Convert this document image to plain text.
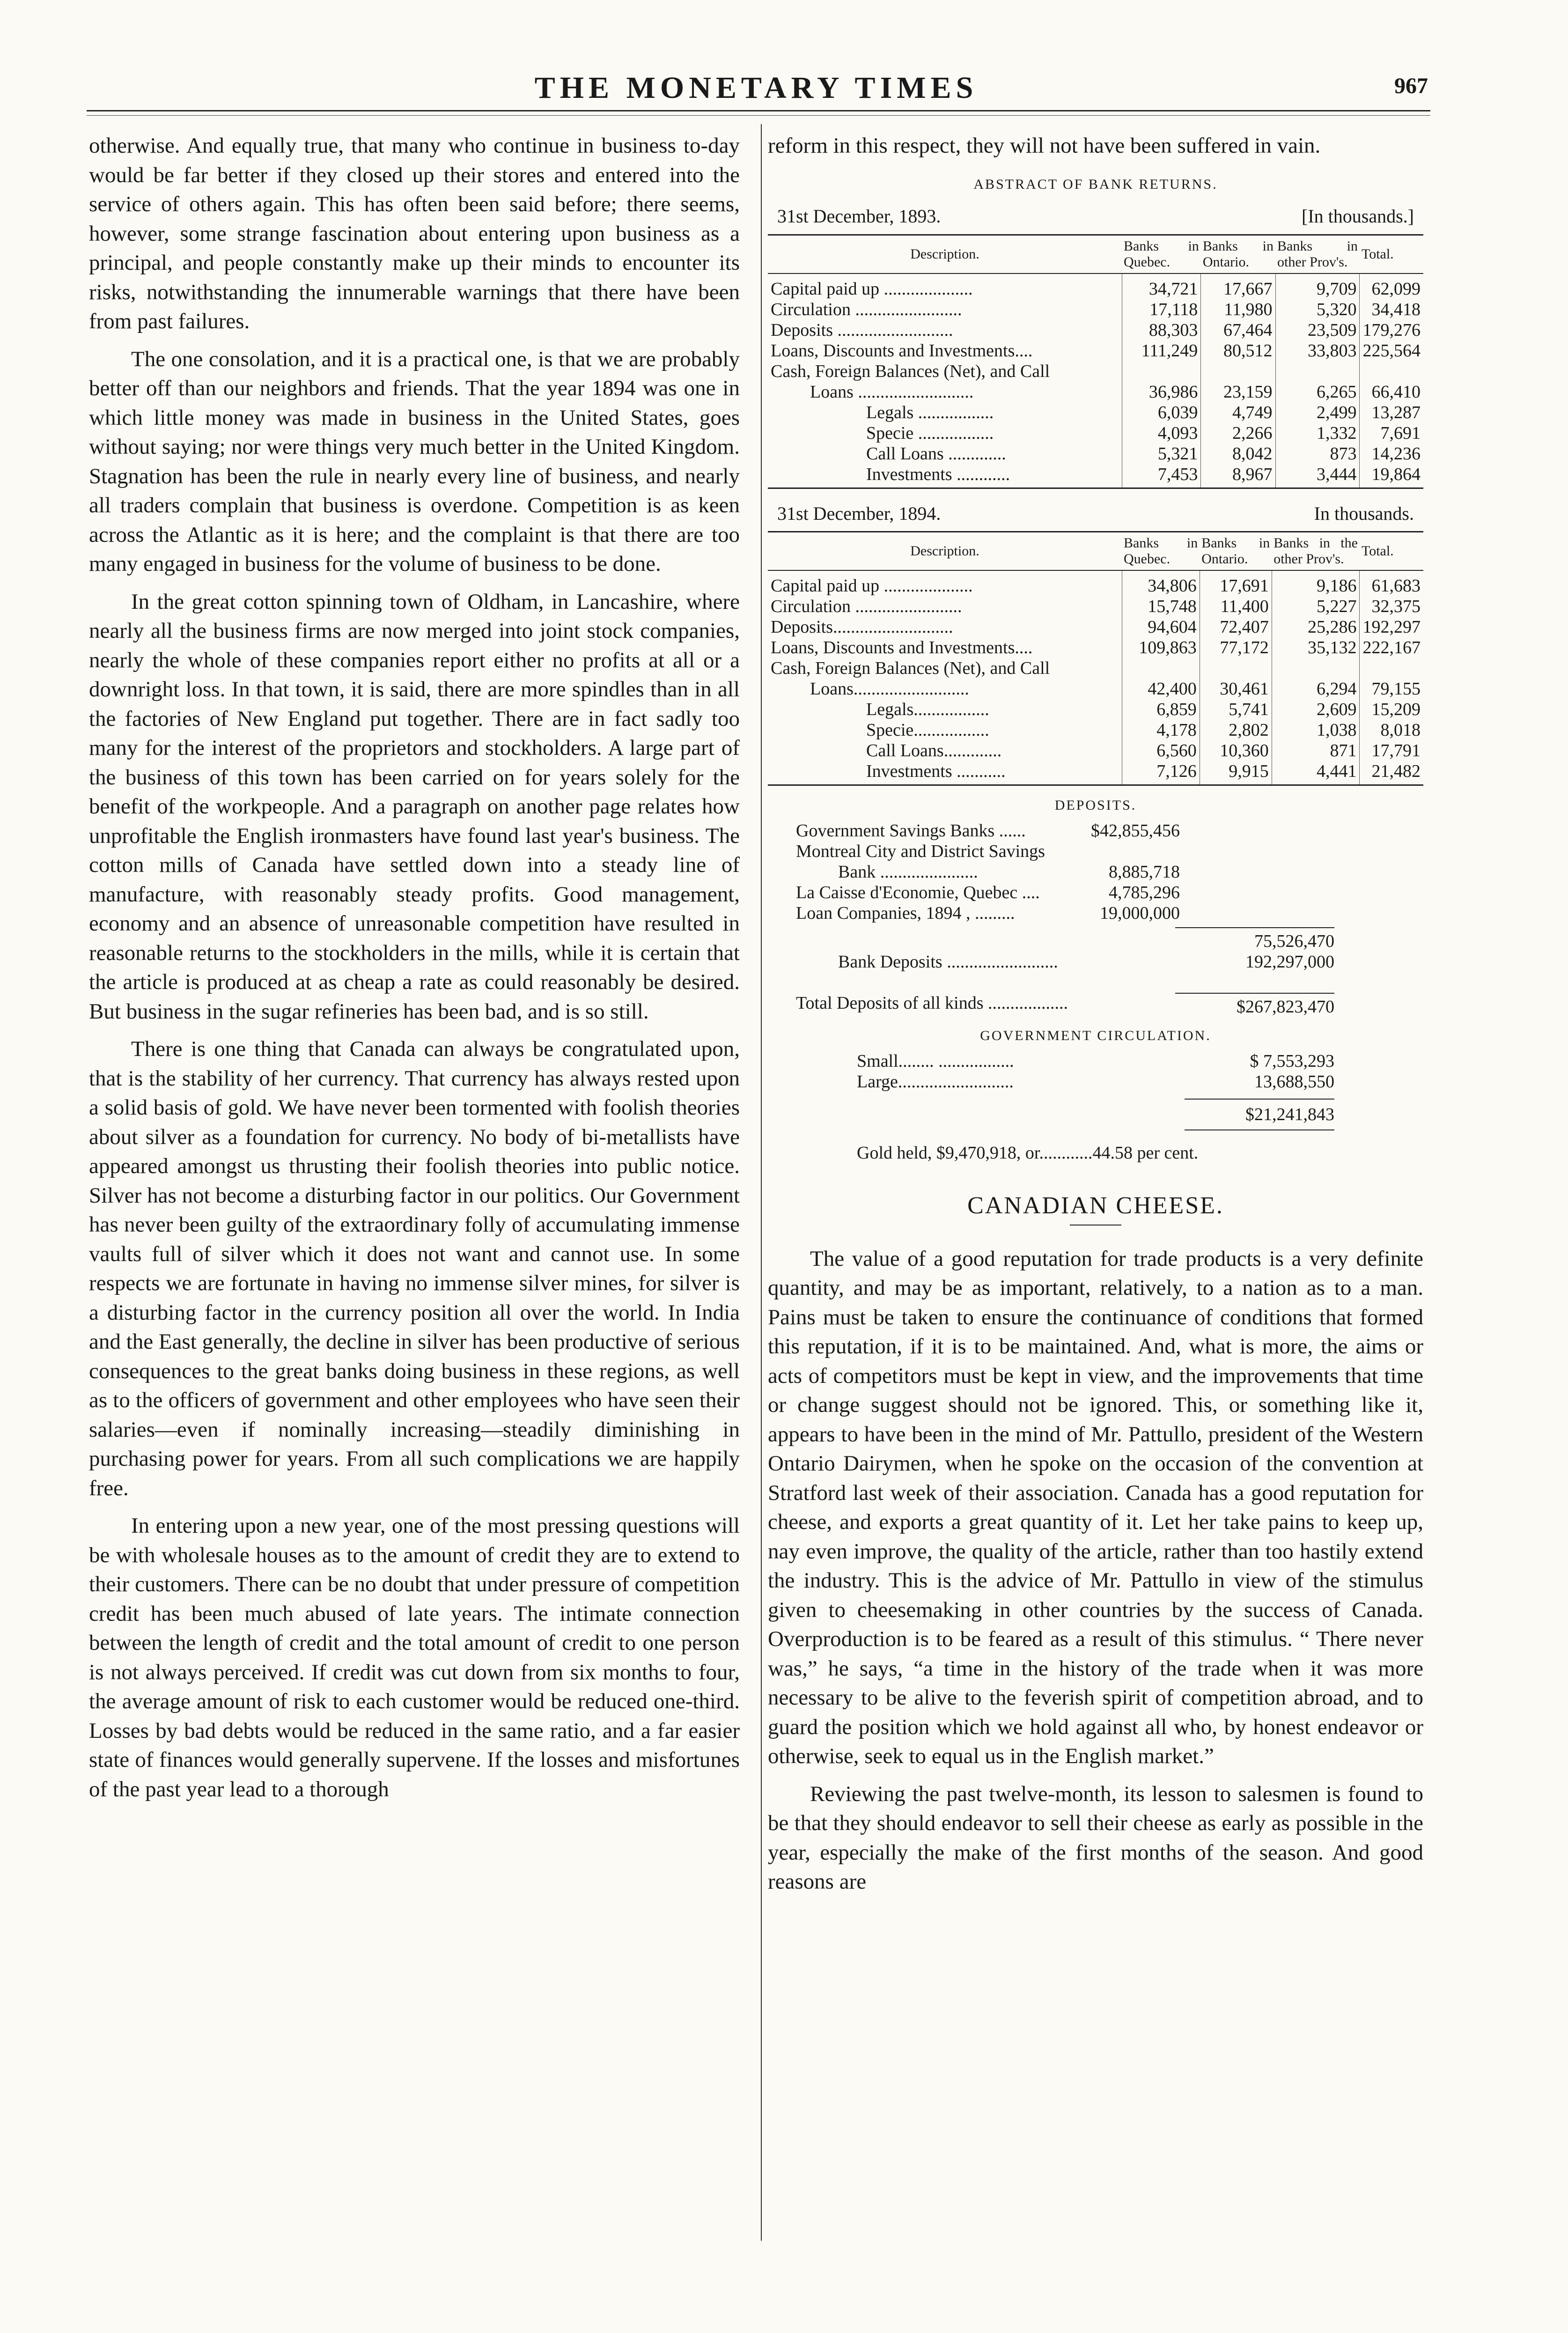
THE MONETARY TIMES	967

otherwise. And equally true, that many who continue in business to-day would be far better if they closed up their stores and entered into the service of others again. This has often been said before; there seems, however, some strange fascination about entering upon business as a principal, and people constantly make up their minds to encounter its risks, notwithstanding the innumerable warnings that there have been from past failures.

The one consolation, and it is a practical one, is that we are probably better off than our neighbors and friends. That the year 1894 was one in which little money was made in business in the United States, goes without saying; nor were things very much better in the United Kingdom. Stagnation has been the rule in nearly every line of business, and nearly all traders complain that business is overdone. Competition is as keen across the Atlantic as it is here; and the complaint is that there are too many engaged in business for the volume of business to be done.

In the great cotton spinning town of Oldham, in Lancashire, where nearly all the business firms are now merged into joint stock companies, nearly the whole of these companies report either no profits at all or a downright loss. In that town, it is said, there are more spindles than in all the factories of New England put together. There are in fact sadly too many for the interest of the proprietors and stockholders. A large part of the business of this town has been carried on for years solely for the benefit of the workpeople. And a paragraph on another page relates how unprofitable the English ironmasters have found last year's business. The cotton mills of Canada have settled down into a steady line of manufacture, with reasonably steady profits. Good management, economy and an absence of unreasonable competition have resulted in reasonable returns to the stockholders in the mills, while it is certain that the article is produced at as cheap a rate as could reasonably be desired. But business in the sugar refineries has been bad, and is so still.

There is one thing that Canada can always be congratulated upon, that is the stability of her currency. That currency has always rested upon a solid basis of gold. We have never been tormented with foolish theories about silver as a foundation for currency. No body of bi-metallists have appeared amongst us thrusting their foolish theories into public notice. Silver has not become a disturbing factor in our politics. Our Government has never been guilty of the extraordinary folly of accumulating immense vaults full of silver which it does not want and cannot use. In some respects we are fortunate in having no immense silver mines, for silver is a disturbing factor in the currency position all over the world. In India and the East generally, the decline in silver has been productive of serious consequences to the great banks doing business in these regions, as well as to the officers of government and other employees who have seen their salaries—even if nominally increasing—steadily diminishing in purchasing power for years. From all such complications we are happily free.

In entering upon a new year, one of the most pressing questions will be with wholesale houses as to the amount of credit they are to extend to their customers. There can be no doubt that under pressure of competition credit has been much abused of late years. The intimate connection between the length of credit and the total amount of credit to one person is not always perceived. If credit was cut down from six months to four, the average amount of risk to each customer would be reduced one-third. Losses by bad debts would be reduced in the same ratio, and a far easier state of finances would generally supervene. If the losses and misfortunes of the past year lead to a thorough

reform in this respect, they will not have been suffered in vain.

ABSTRACT OF BANK RETURNS.
31st December, 1893.	[In thousands.]
Description.	Banks in Quebec.	Banks in Ontario.	Banks in other Prov's.	Total.
Capital paid up ....................	34,721	17,667	9,709	62,099
Circulation ........................	17,118	11,980	5,320	34,418
Deposits ..........................	88,303	67,464	23,509	179,276
Loans, Discounts and Investments....	111,249	80,512	33,803	225,564
Cash, Foreign Balances (Net), and Call				
Loans ..........................	36,986	23,159	6,265	66,410
Legals .................	6,039	4,749	2,499	13,287
Specie .................	4,093	2,266	1,332	7,691
Call Loans .............	5,321	8,042	873	14,236
Investments ............	7,453	8,967	3,444	19,864
31st December, 1894.	In thousands.
Description.	Banks in Quebec.	Banks in Ontario.	Banks in the other Prov's.	Total.
Capital paid up ....................	34,806	17,691	9,186	61,683
Circulation ........................	15,748	11,400	5,227	32,375
Deposits...........................	94,604	72,407	25,286	192,297
Loans, Discounts and Investments....	109,863	77,172	35,132	222,167
Cash, Foreign Balances (Net), and Call				
Loans..........................	42,400	30,461	6,294	79,155
Legals.................	6,859	5,741	2,609	15,209
Specie.................	4,178	2,802	1,038	8,018
Call Loans.............	6,560	10,360	871	17,791
Investments ...........	7,126	9,915	4,441	21,482
DEPOSITS.
Government Savings Banks ......	$42,855,456
Montreal City and District Savings
Bank ......................	8,885,718
La Caisse d'Economie, Quebec ....	4,785,296
Loan Companies, 1894 , .........	19,000,000
75,526,470
Bank Deposits .........................	192,297,000
Total Deposits of all kinds ..................	$267,823,470
GOVERNMENT CIRCULATION.
Small........ .................	$ 7,553,293
Large..........................	13,688,550
$21,241,843
Gold held, $9,470,918, or............44.58 per cent.
CANADIAN CHEESE.

The value of a good reputation for trade products is a very definite quantity, and may be as important, relatively, to a nation as to a man. Pains must be taken to ensure the continuance of conditions that formed this reputation, if it is to be maintained. And, what is more, the aims or acts of competitors must be kept in view, and the improvements that time or change suggest should not be ignored. This, or something like it, appears to have been in the mind of Mr. Pattullo, president of the Western Ontario Dairymen, when he spoke on the occasion of the convention at Stratford last week of their association. Canada has a good reputation for cheese, and exports a great quantity of it. Let her take pains to keep up, nay even improve, the quality of the article, rather than too hastily extend the industry. This is the advice of Mr. Pattullo in view of the stimulus given to cheesemaking in other countries by the success of Canada. Overproduction is to be feared as a result of this stimulus. “ There never was,” he says, “a time in the history of the trade when it was more necessary to be alive to the feverish spirit of competition abroad, and to guard the position which we hold against all who, by honest endeavor or otherwise, seek to equal us in the English market.”

Reviewing the past twelve-month, its lesson to salesmen is found to be that they should endeavor to sell their cheese as early as possible in the year, especially the make of the first months of the season. And good reasons are
